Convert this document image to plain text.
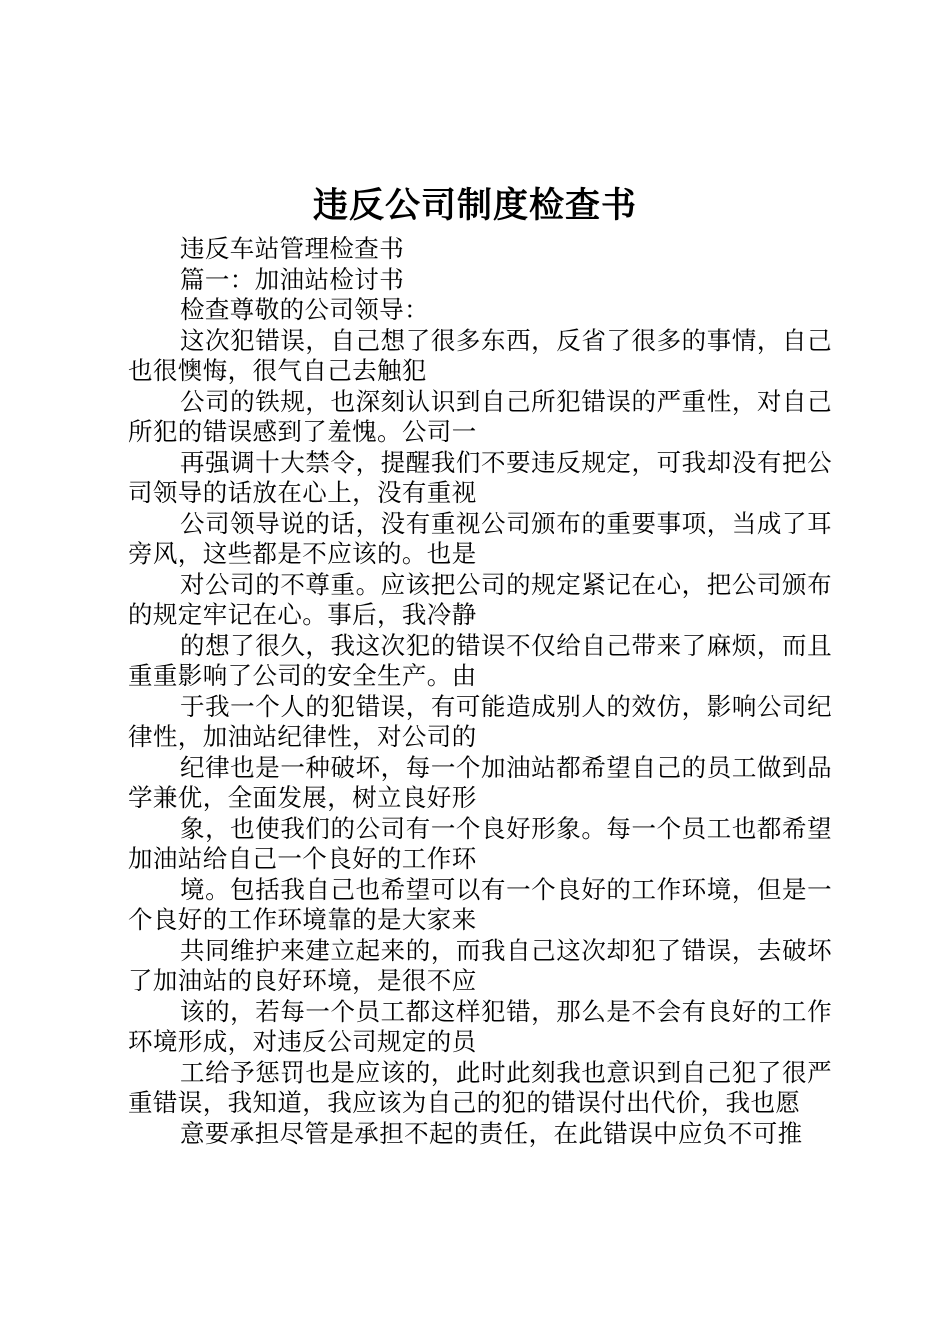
违反公司制度检查书

违反车站管理检查书

篇一：加油站检讨书

检查尊敬的公司领导：

这次犯错误，自己想了很多东西，反省了很多的事情，自己也很懊悔，很气自己去触犯

公司的铁规，也深刻认识到自己所犯错误的严重性，对自己所犯的错误感到了羞愧。公司一

再强调十大禁令，提醒我们不要违反规定，可我却没有把公司领导的话放在心上，没有重视

公司领导说的话，没有重视公司颁布的重要事项，当成了耳旁风，这些都是不应该的。也是

对公司的不尊重。应该把公司的规定紧记在心，把公司颁布的规定牢记在心。事后，我冷静

的想了很久，我这次犯的错误不仅给自己带来了麻烦，而且重重影响了公司的安全生产。由

于我一个人的犯错误，有可能造成别人的效仿，影响公司纪律性，加油站纪律性，对公司的

纪律也是一种破坏，每一个加油站都希望自己的员工做到品学兼优，全面发展，树立良好形

象，也使我们的公司有一个良好形象。每一个员工也都希望加油站给自己一个良好的工作环

境。包括我自己也希望可以有一个良好的工作环境，但是一个良好的工作环境靠的是大家来

共同维护来建立起来的，而我自己这次却犯了错误，去破坏了加油站的良好环境，是很不应

该的，若每一个员工都这样犯错，那么是不会有良好的工作环境形成，对违反公司规定的员

工给予惩罚也是应该的，此时此刻我也意识到自己犯了很严重错误，我知道，我应该为自己的犯的错误付出代价，我也愿

意要承担尽管是承担不起的责任，在此错误中应负不可推
